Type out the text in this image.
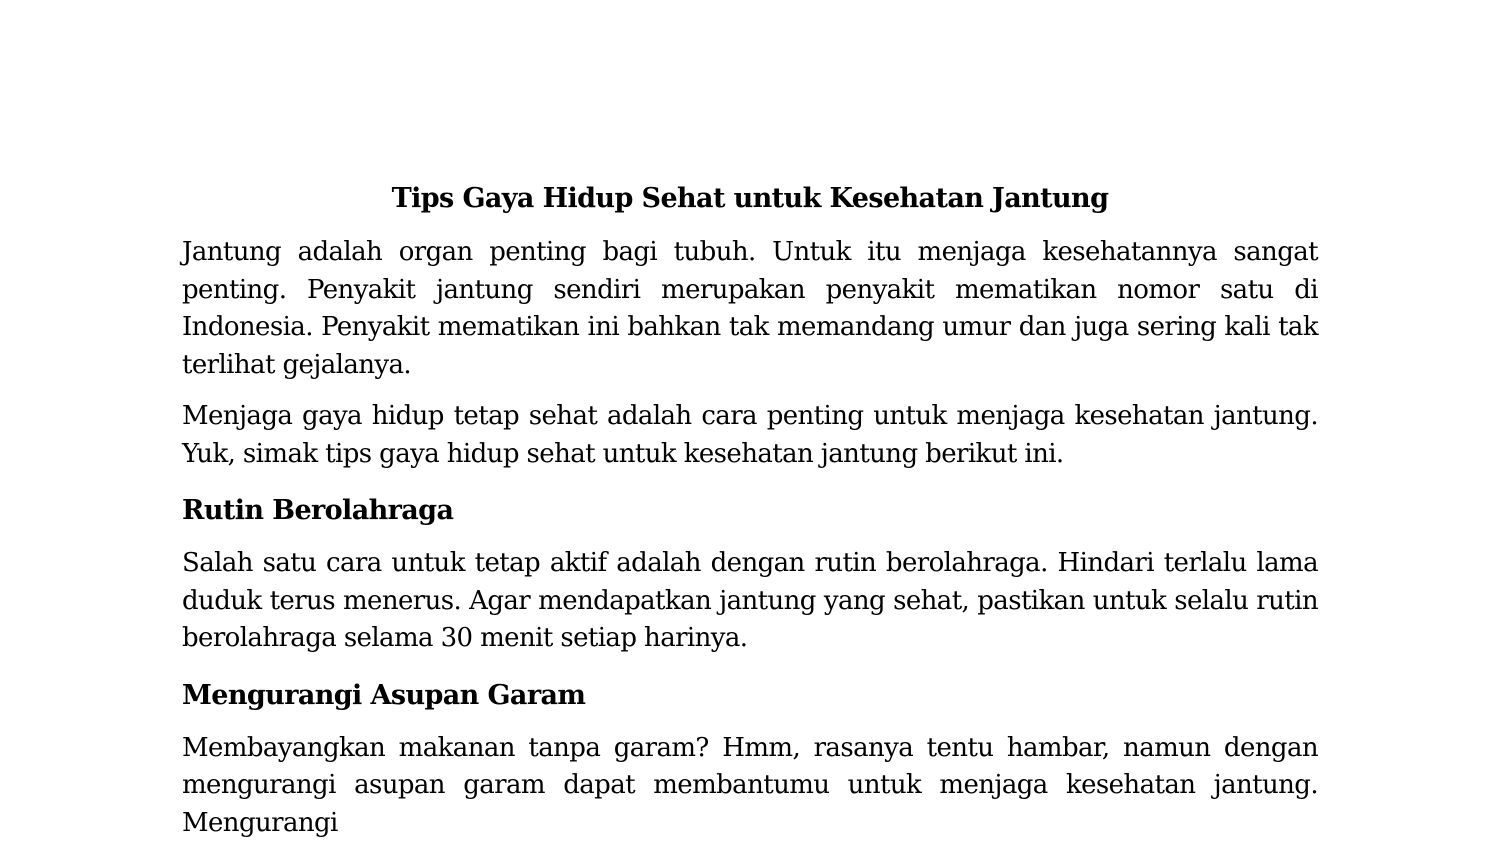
Tips Gaya Hidup Sehat untuk Kesehatan Jantung

Jantung adalah organ penting bagi tubuh. Untuk itu menjaga kesehatannya sangat penting. Penyakit jantung sendiri merupakan penyakit mematikan nomor satu di Indonesia. Penyakit mematikan ini bahkan tak memandang umur dan juga sering kali tak terlihat gejalanya.

Menjaga gaya hidup tetap sehat adalah cara penting untuk menjaga kesehatan jantung. Yuk, simak tips gaya hidup sehat untuk kesehatan jantung berikut ini.

Rutin Berolahraga

Salah satu cara untuk tetap aktif adalah dengan rutin berolahraga. Hindari terlalu lama duduk terus menerus. Agar mendapatkan jantung yang sehat, pastikan untuk selalu rutin berolahraga selama 30 menit setiap harinya.

Mengurangi Asupan Garam

Membayangkan makanan tanpa garam? Hmm, rasanya tentu hambar, namun dengan mengurangi asupan garam dapat membantumu untuk menjaga kesehatan jantung. Mengurangi
